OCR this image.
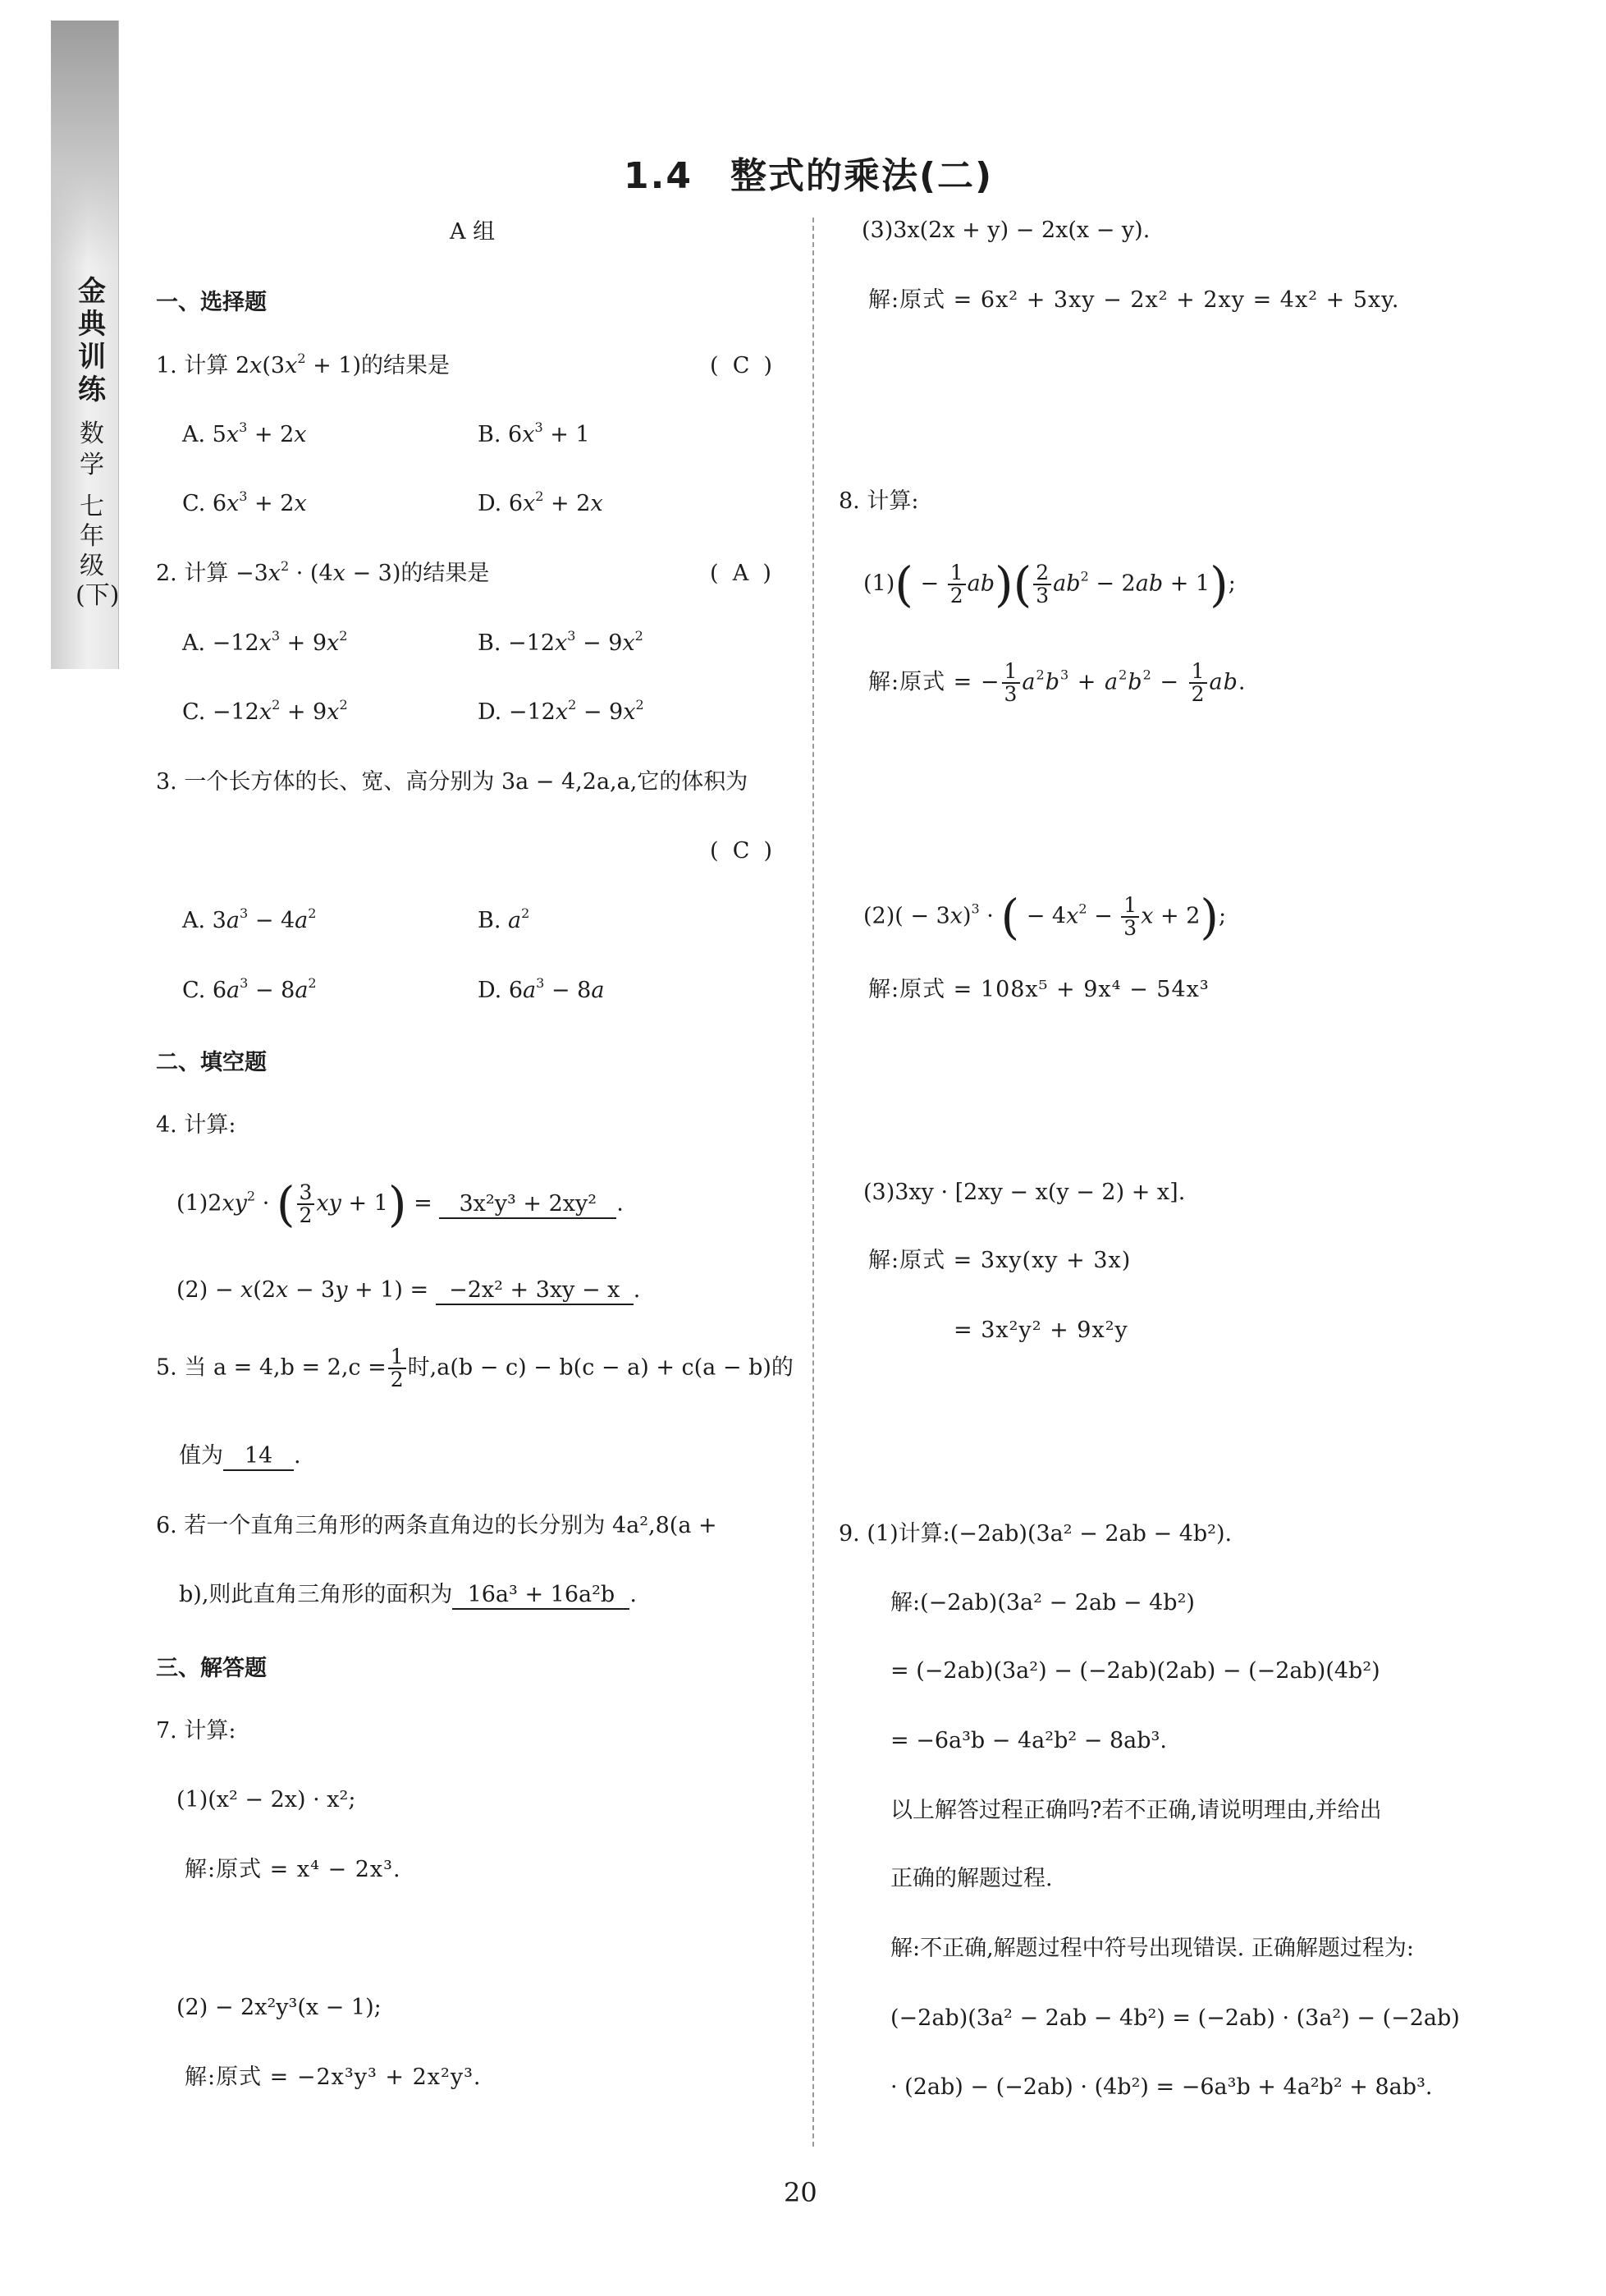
金典训练
数学
七年级(下)
1.4　整式的乘法(二)
A 组
一、选择题
1. 计算 $2x(3x^2 + 1)$的结果是	(  C  )
A. $5x^3 + 2x$	B. $6x^3 + 1$
C. $6x^3 + 2x$	D. $6x^2 + 2x$
2. 计算 $-3x^2 \cdot (4x - 3)$的结果是	(  A  )
A. $-12x^3 + 9x^2$	B. $-12x^3 - 9x^2$
C. $-12x^2 + 9x^2$	D. $-12x^2 - 9x^2$
3. 一个长方体的长、宽、高分别为 3a − 4,2a,a,它的体积为
(  C  )
A. $3a^3 - 4a^2$	B. $a^2$
C. $6a^3 - 8a^2$	D. $6a^3 - 8a$
二、填空题
4. 计算:
$(1)2xy^2$ · ( $\frac{3}{2}$ xy + 1) = 3x²y³ + 2xy² .
(2) − x(2x − 3y + 1) = −2x² + 3xy − x .
5. 当 $a = 4,b = 2,c = \frac{1}{2}$ 时,a(b − c) − b(c − a) + c(a − b)的
值为 14 .
6. 若一个直角三角形的两条直角边的长分别为 4a²,8(a +
b),则此直角三角形的面积为 16a³ + 16a²b .
三、解答题
7. 计算:
(1)(x² − 2x) · x²;
解:原式 = x⁴ − 2x³.
(2) − 2x²y³(x − 1);
解:原式 = −2x³y³ + 2x²y³.
(3)3x(2x + y) − 2x(x − y).
解:原式 = 6x² + 3xy − 2x² + 2xy = 4x² + 5xy.
8. 计算:
$(1)( - \frac{1}{2} ab)( \frac{2}{3} ab^2 - 2ab + 1)$;
解:原式 = − $\frac{1}{3} a^2b^3 + a^2b^2 - \frac{1}{2}$ ab.
$(2)( - 3x)^3$ · ( − $4x^2 - \frac{1}{3}$ x + 2);
解:原式 = 108x⁵ + 9x⁴ − 54x³
(3)3xy · [2xy − x(y − 2) + x].
解:原式 = 3xy(xy + 3x)
= 3x²y² + 9x²y
9. (1)计算:(−2ab)(3a² − 2ab − 4b²).
解:(−2ab)(3a² − 2ab − 4b²)
= (−2ab)(3a²) − (−2ab)(2ab) − (−2ab)(4b²)
= −6a³b − 4a²b² − 8ab³.
以上解答过程正确吗?若不正确,请说明理由,并给出
正确的解题过程.
解:不正确,解题过程中符号出现错误. 正确解题过程为:
(−2ab)(3a² − 2ab − 4b²) = (−2ab) · (3a²) − (−2ab)
· (2ab) − (−2ab) · (4b²) = −6a³b + 4a²b² + 8ab³.
20
